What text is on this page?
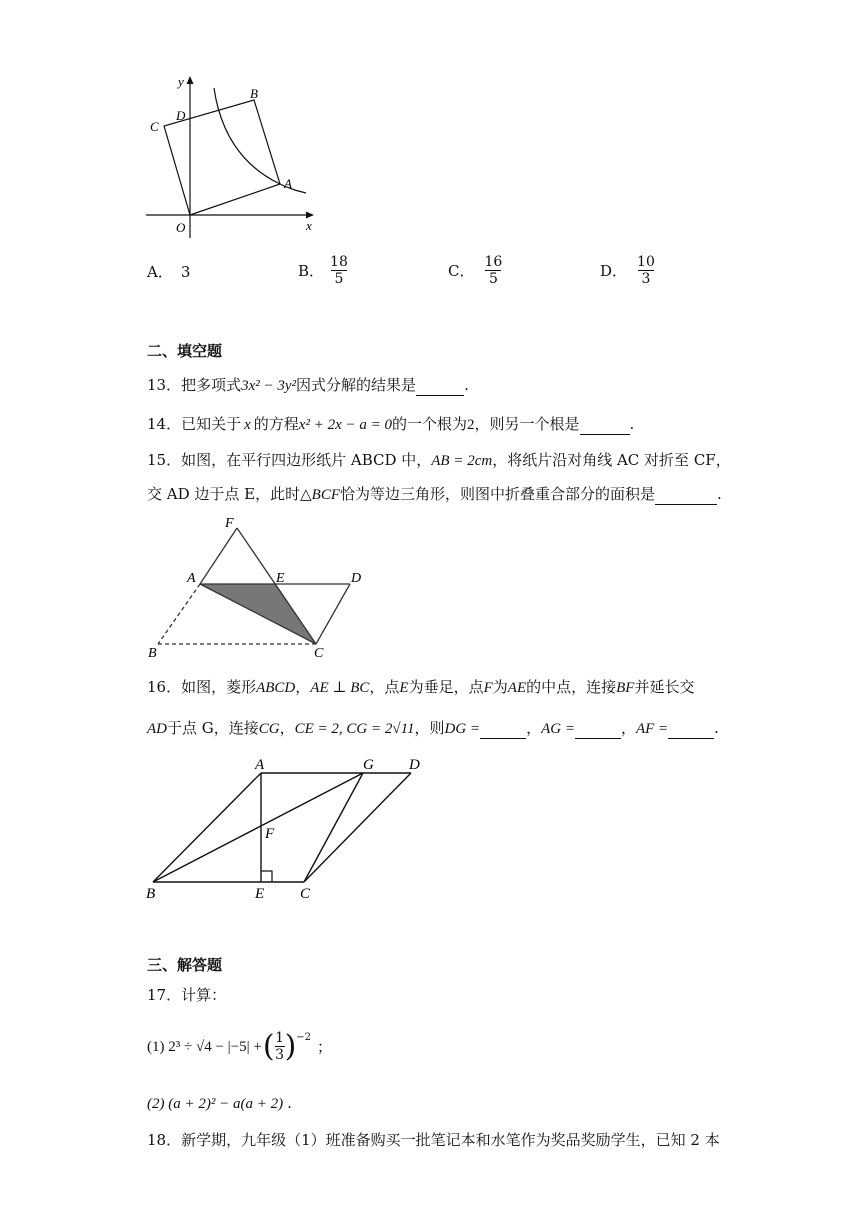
y
B
D
C
A
O	x
A． 3	B． $\frac{18}{5}$	C． $\frac{16}{5}$	D． $\frac{10}{3}$
二、填空题
13．把多项式3x² − 3y²因式分解的结果是	.
14．已知关于 x 的方程x² + 2x − a = 0的一个根为2，则另一个根是	.
15．如图，在平行四边形纸片 ABCD 中，AB = 2cm，将纸片沿对角线 AC 对折至 CF，
交 AD 边于点 E，此时△BCF恰为等边三角形，则图中折叠重合部分的面积是	.
F
A	E	D
B	C
16．如图，菱形ABCD，AE ⊥ BC，点E为垂足，点F为AE的中点，连接BF并延长交
AD于点 G，连接CG，CE = 2, CG = 2√11，则DG =	，AG =	，AF =	.
A	G D
F
B	E C
三、解答题
17．计算：
(1) 2³ ÷ √4 − |−5| + ( $\frac{1}{3}$ ) −2 ；
(2) (a + 2)² − a(a + 2) .
18．新学期，九年级（1）班准备购买一批笔记本和水笔作为奖品奖励学生，已知 2 本
